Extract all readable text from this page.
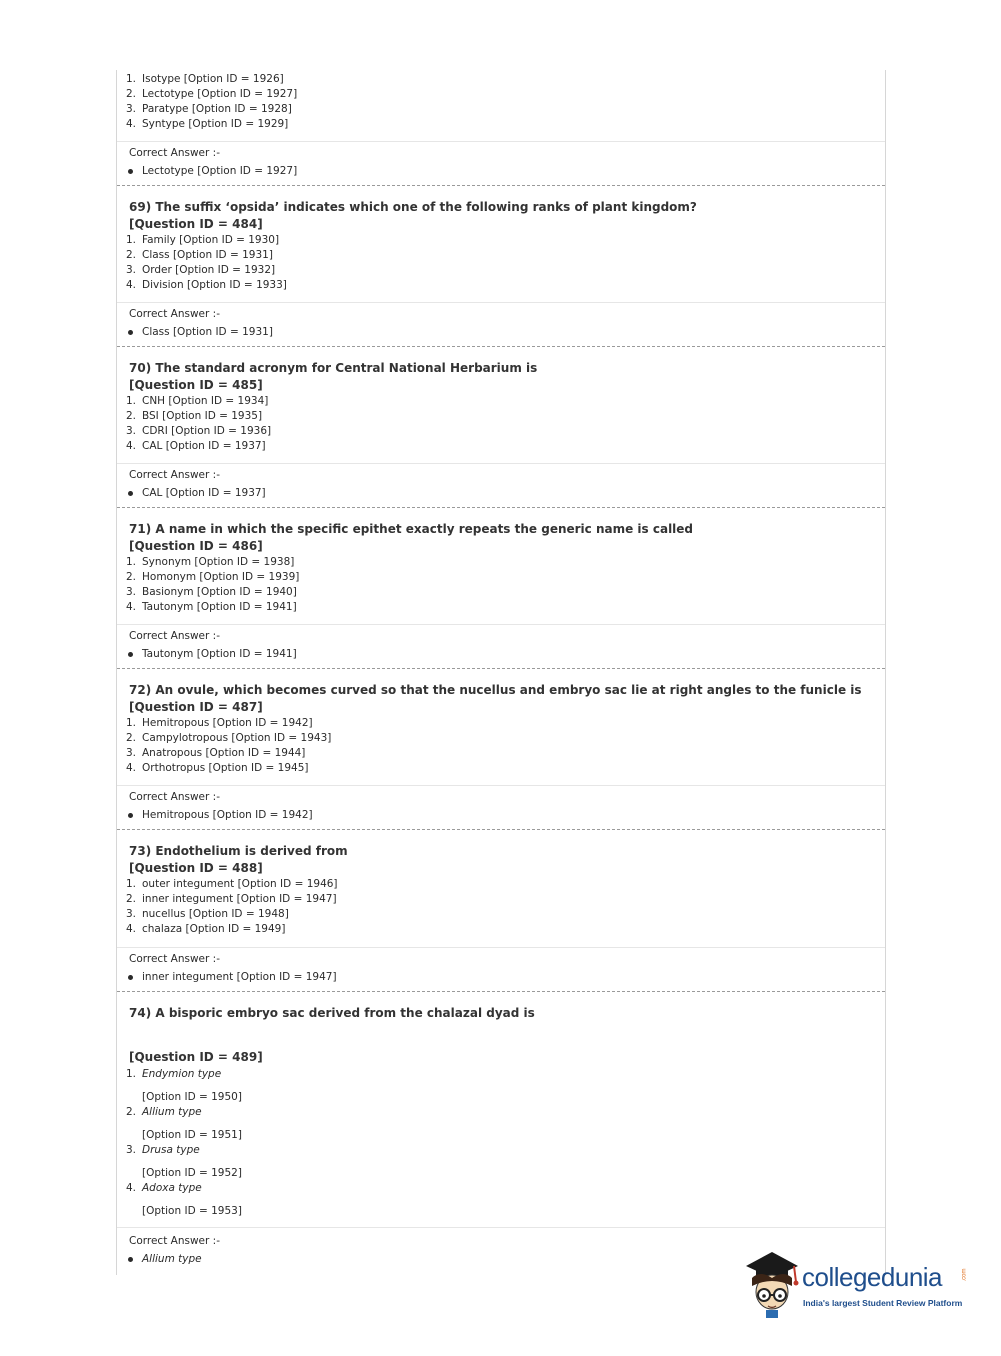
1. Isotype [Option ID = 1926]
2. Lectotype [Option ID = 1927]
3. Paratype [Option ID = 1928]
4. Syntype [Option ID = 1929]
Correct Answer :-
Lectotype [Option ID = 1927]
69) The suffix ‘opsida’ indicates which one of the following ranks of plant kingdom?
[Question ID = 484]
1. Family [Option ID = 1930]
2. Class [Option ID = 1931]
3. Order [Option ID = 1932]
4. Division [Option ID = 1933]
Correct Answer :-
Class [Option ID = 1931]
70) The standard acronym for Central National Herbarium is
[Question ID = 485]
1. CNH [Option ID = 1934]
2. BSI [Option ID = 1935]
3. CDRI [Option ID = 1936]
4. CAL [Option ID = 1937]
Correct Answer :-
CAL [Option ID = 1937]
71) A name in which the specific epithet exactly repeats the generic name is called
[Question ID = 486]
1. Synonym [Option ID = 1938]
2. Homonym [Option ID = 1939]
3. Basionym [Option ID = 1940]
4. Tautonym [Option ID = 1941]
Correct Answer :-
Tautonym [Option ID = 1941]
72) An ovule, which becomes curved so that the nucellus and embryo sac lie at right angles to the funicle is
[Question ID = 487]
1. Hemitropous [Option ID = 1942]
2. Campylotropous [Option ID = 1943]
3. Anatropous [Option ID = 1944]
4. Orthotropus [Option ID = 1945]
Correct Answer :-
Hemitropous [Option ID = 1942]
73) Endothelium is derived from
[Question ID = 488]
1. outer integument [Option ID = 1946]
2. inner integument [Option ID = 1947]
3. nucellus [Option ID = 1948]
4. chalaza [Option ID = 1949]
Correct Answer :-
inner integument [Option ID = 1947]
74) A bisporic embryo sac derived from the chalazal dyad is
[Question ID = 489]
1. Endymion type
[Option ID = 1950]
2. Allium type
[Option ID = 1951]
3. Drusa type
[Option ID = 1952]
4. Adoxa type
[Option ID = 1953]
Correct Answer :-
Allium type
collegedunia	.com
India's largest Student Review Platform
